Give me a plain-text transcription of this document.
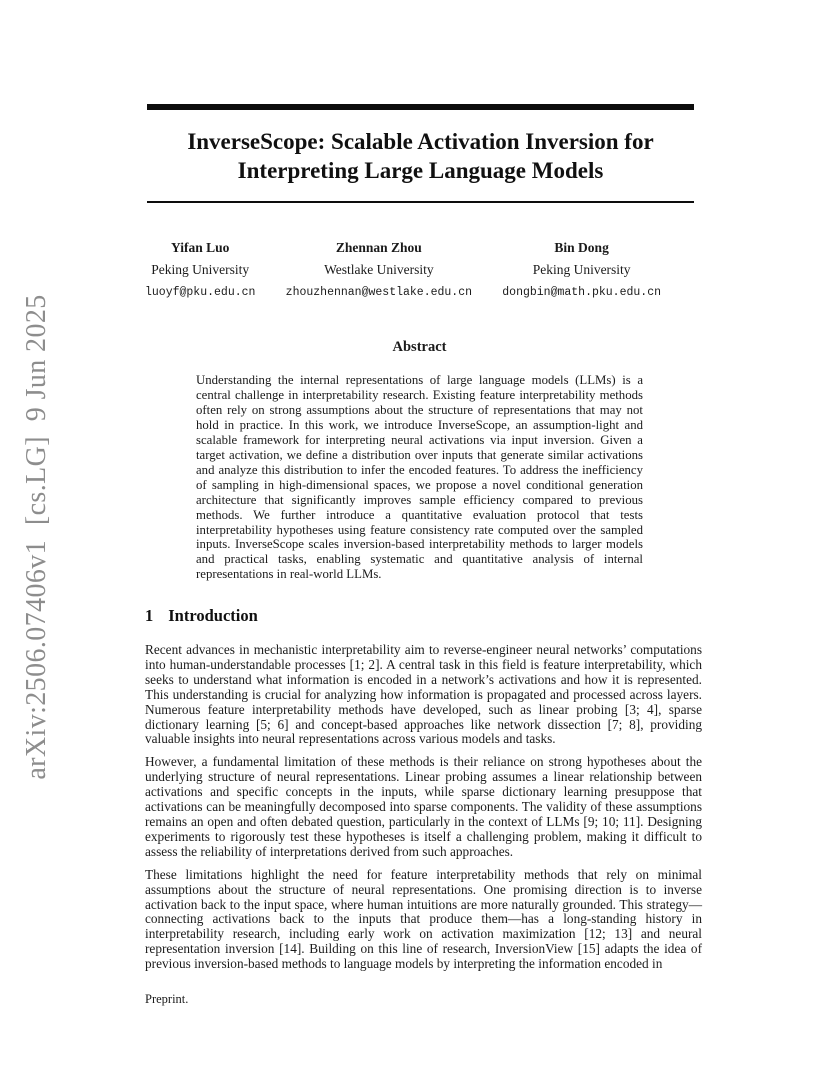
arXiv:2506.07406v1  [cs.LG]  9 Jun 2025
InverseScope: Scalable Activation Inversion for
Interpreting Large Language Models
Yifan Luo
Peking University
luoyf@pku.edu.cn
Zhennan Zhou
Westlake University
zhouzhennan@westlake.edu.cn
Bin Dong
Peking University
dongbin@math.pku.edu.cn
Abstract

Understanding the internal representations of large language models (LLMs) is a central challenge in interpretability research. Existing feature interpretability methods often rely on strong assumptions about the structure of representations that may not hold in practice. In this work, we introduce InverseScope, an assumption-light and scalable framework for interpreting neural activations via input inversion. Given a target activation, we define a distribution over inputs that generate similar activations and analyze this distribution to infer the encoded features. To address the inefficiency of sampling in high-dimensional spaces, we propose a novel conditional generation architecture that significantly improves sample efficiency compared to previous methods. We further introduce a quantitative evaluation protocol that tests interpretability hypotheses using feature consistency rate computed over the sampled inputs. InverseScope scales inversion-based interpretability methods to larger models and practical tasks, enabling systematic and quantitative analysis of internal representations in real-world LLMs.

1 Introduction

Recent advances in mechanistic interpretability aim to reverse-engineer neural networks’ computations into human-understandable processes [1; 2]. A central task in this field is feature interpretability, which seeks to understand what information is encoded in a network’s activations and how it is represented. This understanding is crucial for analyzing how information is propagated and processed across layers. Numerous feature interpretability methods have developed, such as linear probing [3; 4], sparse dictionary learning [5; 6] and concept-based approaches like network dissection [7; 8], providing valuable insights into neural representations across various models and tasks.

However, a fundamental limitation of these methods is their reliance on strong hypotheses about the underlying structure of neural representations. Linear probing assumes a linear relationship between activations and specific concepts in the inputs, while sparse dictionary learning presuppose that activations can be meaningfully decomposed into sparse components. The validity of these assumptions remains an open and often debated question, particularly in the context of LLMs [9; 10; 11]. Designing experiments to rigorously test these hypotheses is itself a challenging problem, making it difficult to assess the reliability of interpretations derived from such approaches.

These limitations highlight the need for feature interpretability methods that rely on minimal assumptions about the structure of neural representations. One promising direction is to inverse activation back to the input space, where human intuitions are more naturally grounded. This strategy—connecting activations back to the inputs that produce them—has a long-standing history in interpretability research, including early work on activation maximization [12; 13] and neural representation inversion [14]. Building on this line of research, InversionView [15] adapts the idea of previous inversion-based methods to language models by interpreting the information encoded in

Preprint.
